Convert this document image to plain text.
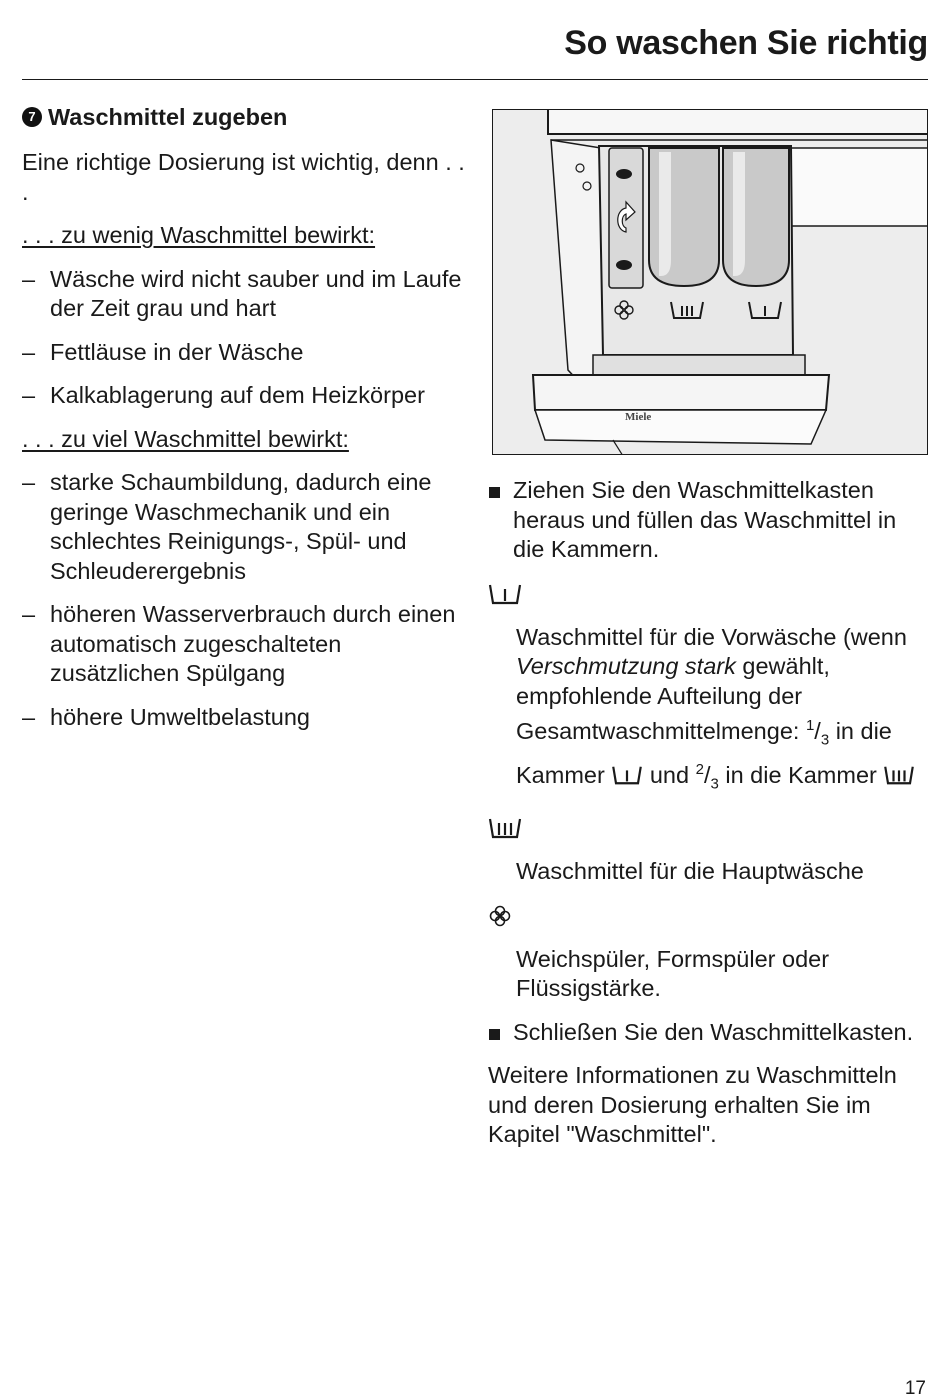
So waschen Sie richtig
7 Waschmittel zugeben

Eine richtige Dosierung ist wichtig, denn . . .

. . . zu wenig Waschmittel bewirkt:

– Wäsche wird nicht sauber und im Laufe der Zeit grau und hart

– Fettläuse in der Wäsche

– Kalkablagerung auf dem Heizkörper

. . . zu viel Waschmittel bewirkt:

– starke Schaumbildung, dadurch eine geringe Waschmechanik und ein schlechtes Reinigungs-, Spül- und Schleuderergebnis

– höheren Wasserverbrauch durch einen automatisch zugeschalteten zusätzlichen Spülgang

– höhere Umweltbelastung

Miele

Ziehen Sie den Waschmittelkasten heraus und füllen das Waschmittel in die Kammern.

Waschmittel für die Vorwäsche (wenn Verschmutzung stark gewählt, empfohlende Aufteilung der Gesamtwaschmittelmenge: $^1/_3$ in die Kammer  und $^2/_3$ in die Kammer

Waschmittel für die Hauptwäsche

Weichspüler, Formspüler oder Flüssigstärke.

Schließen Sie den Waschmittelkasten.

Weitere Informationen zu Waschmitteln und deren Dosierung erhalten Sie im Kapitel "Waschmittel".

17
